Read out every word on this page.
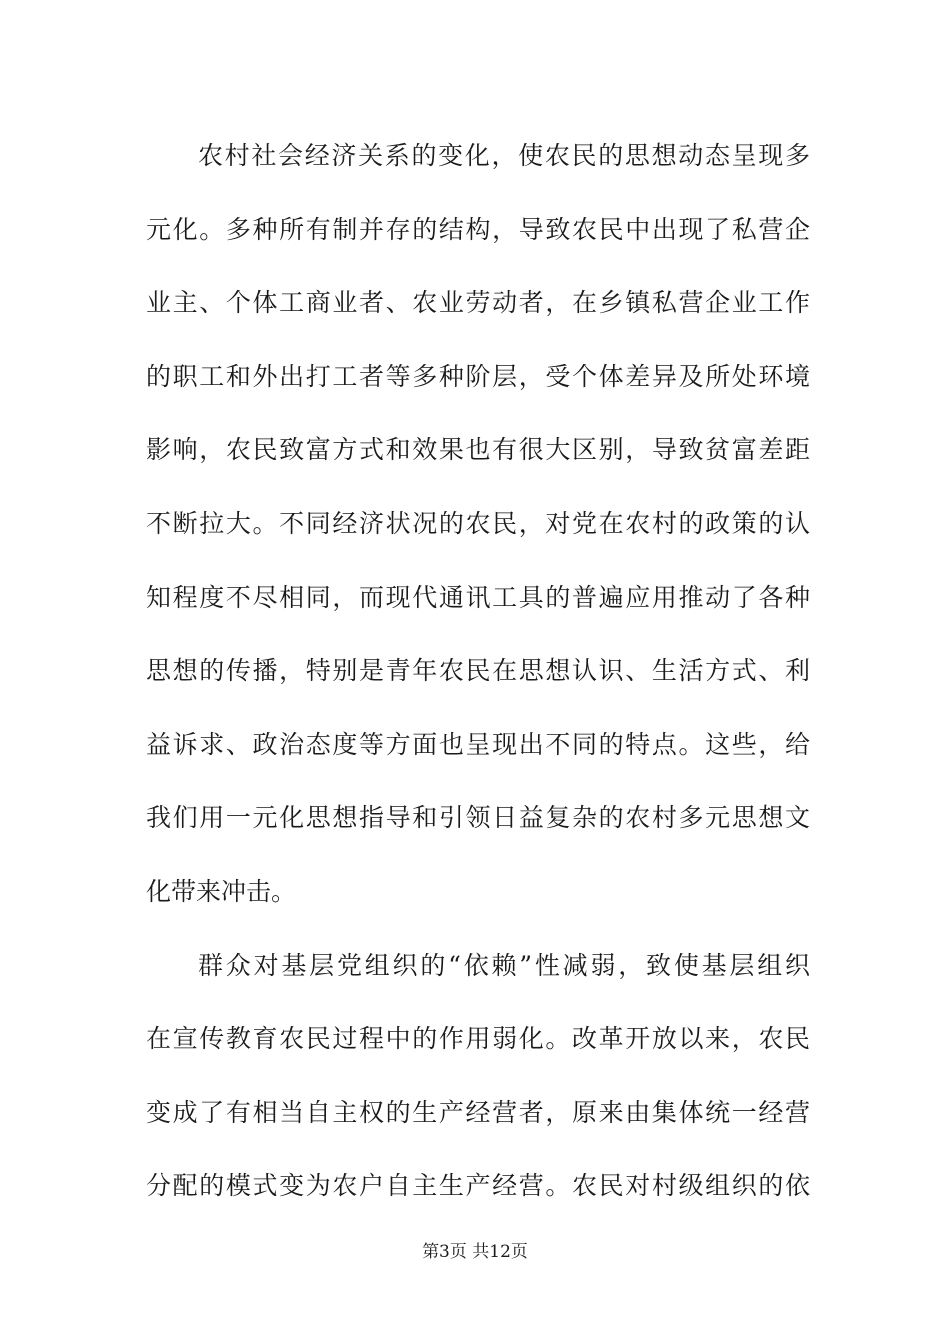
农村社会经济关系的变化，使农民的思想动态呈现多
元化。多种所有制并存的结构，导致农民中出现了私营企
业主、个体工商业者、农业劳动者，在乡镇私营企业工作
的职工和外出打工者等多种阶层，受个体差异及所处环境
影响，农民致富方式和效果也有很大区别，导致贫富差距
不断拉大。不同经济状况的农民，对党在农村的政策的认
知程度不尽相同，而现代通讯工具的普遍应用推动了各种
思想的传播，特别是青年农民在思想认识、生活方式、利
益诉求、政治态度等方面也呈现出不同的特点。这些，给
我们用一元化思想指导和引领日益复杂的农村多元思想文
化带来冲击。
群众对基层党组织的“依赖”性减弱，致使基层组织
在宣传教育农民过程中的作用弱化。改革开放以来，农民
变成了有相当自主权的生产经营者，原来由集体统一经营
分配的模式变为农户自主生产经营。农民对村级组织的依
第3页 共12页
